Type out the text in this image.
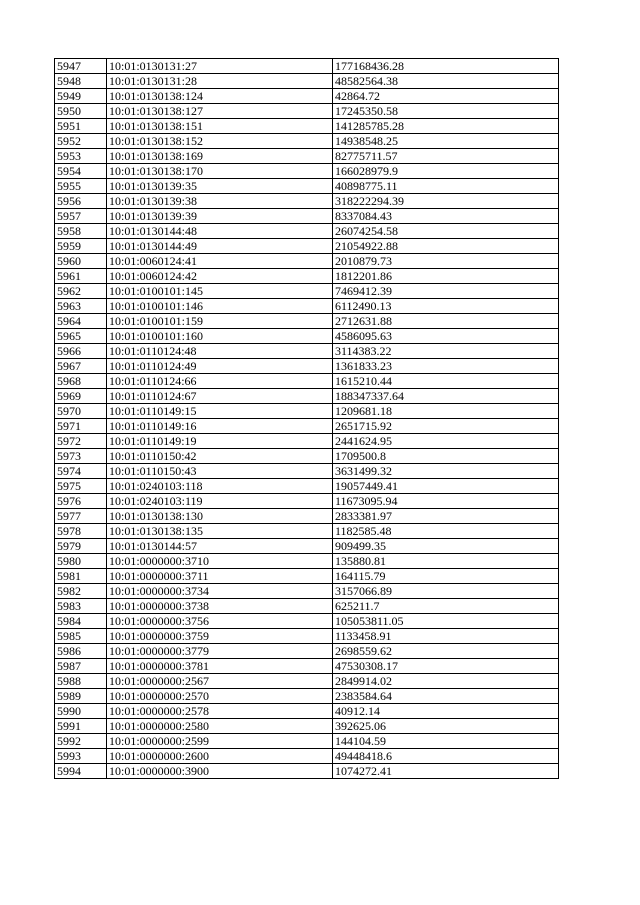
5947	10:01:0130131:27	177168436.28
5948	10:01:0130131:28	48582564.38
5949	10:01:0130138:124	42864.72
5950	10:01:0130138:127	17245350.58
5951	10:01:0130138:151	141285785.28
5952	10:01:0130138:152	14938548.25
5953	10:01:0130138:169	82775711.57
5954	10:01:0130138:170	166028979.9
5955	10:01:0130139:35	40898775.11
5956	10:01:0130139:38	318222294.39
5957	10:01:0130139:39	8337084.43
5958	10:01:0130144:48	26074254.58
5959	10:01:0130144:49	21054922.88
5960	10:01:0060124:41	2010879.73
5961	10:01:0060124:42	1812201.86
5962	10:01:0100101:145	7469412.39
5963	10:01:0100101:146	6112490.13
5964	10:01:0100101:159	2712631.88
5965	10:01:0100101:160	4586095.63
5966	10:01:0110124:48	3114383.22
5967	10:01:0110124:49	1361833.23
5968	10:01:0110124:66	1615210.44
5969	10:01:0110124:67	188347337.64
5970	10:01:0110149:15	1209681.18
5971	10:01:0110149:16	2651715.92
5972	10:01:0110149:19	2441624.95
5973	10:01:0110150:42	1709500.8
5974	10:01:0110150:43	3631499.32
5975	10:01:0240103:118	19057449.41
5976	10:01:0240103:119	11673095.94
5977	10:01:0130138:130	2833381.97
5978	10:01:0130138:135	1182585.48
5979	10:01:0130144:57	909499.35
5980	10:01:0000000:3710	135880.81
5981	10:01:0000000:3711	164115.79
5982	10:01:0000000:3734	3157066.89
5983	10:01:0000000:3738	625211.7
5984	10:01:0000000:3756	105053811.05
5985	10:01:0000000:3759	1133458.91
5986	10:01:0000000:3779	2698559.62
5987	10:01:0000000:3781	47530308.17
5988	10:01:0000000:2567	2849914.02
5989	10:01:0000000:2570	2383584.64
5990	10:01:0000000:2578	40912.14
5991	10:01:0000000:2580	392625.06
5992	10:01:0000000:2599	144104.59
5993	10:01:0000000:2600	49448418.6
5994	10:01:0000000:3900	1074272.41
